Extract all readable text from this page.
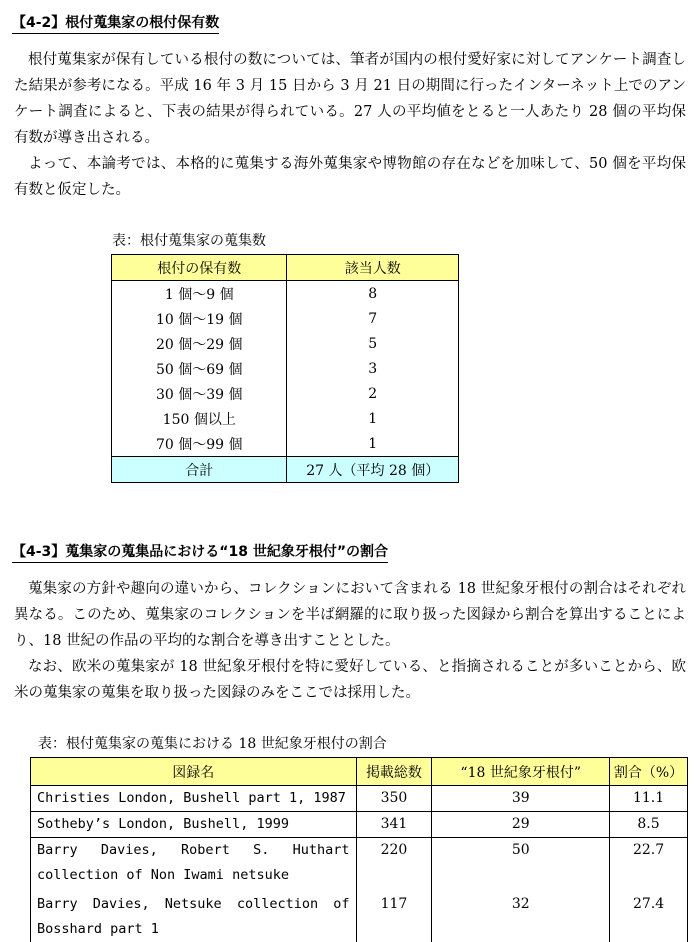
【4-2】根付蒐集家の根付保有数

根付蒐集家が保有している根付の数については、筆者が国内の根付愛好家に対してアンケート調査した結果が参考になる。平成 16 年 3 月 15 日から 3 月 21 日の期間に行ったインターネット上でのアンケート調査によると、下表の結果が得られている。27 人の平均値をとると一人あたり 28 個の平均保有数が導き出される。

よって、本論考では、本格的に蒐集する海外蒐集家や博物館の存在などを加味して、50 個を平均保有数と仮定した。

表：根付蒐集家の蒐集数
根付の保有数	該当人数
1 個～9 個	8
10 個～19 個	7
20 個～29 個	5
50 個～69 個	3
30 個～39 個	2
150 個以上	1
70 個～99 個	1
合計	27 人（平均 28 個）
【4-3】蒐集家の蒐集品における“18 世紀象牙根付”の割合

蒐集家の方針や趣向の違いから、コレクションにおいて含まれる 18 世紀象牙根付の割合はそれぞれ異なる。このため、蒐集家のコレクションを半ば網羅的に取り扱った図録から割合を算出することにより、18 世紀の作品の平均的な割合を導き出すこととした。

なお、欧米の蒐集家が 18 世紀象牙根付を特に愛好している、と指摘されることが多いことから、欧米の蒐集家の蒐集を取り扱った図録のみをここでは採用した。

表：根付蒐集家の蒐集における 18 世紀象牙根付の割合
図録名	掲載総数	“18 世紀象牙根付”	割合（%）

Christies London, Bushell part 1, 1987	350	39	11.1

Sotheby’s London, Bushell, 1999	341	29	8.5

Barry Davies, Robert S. Huthart
collection of Non Iwami netsuke	220	50	22.7

Barry Davies, Netsuke collection of
Bosshard part 1	117	32	27.4
